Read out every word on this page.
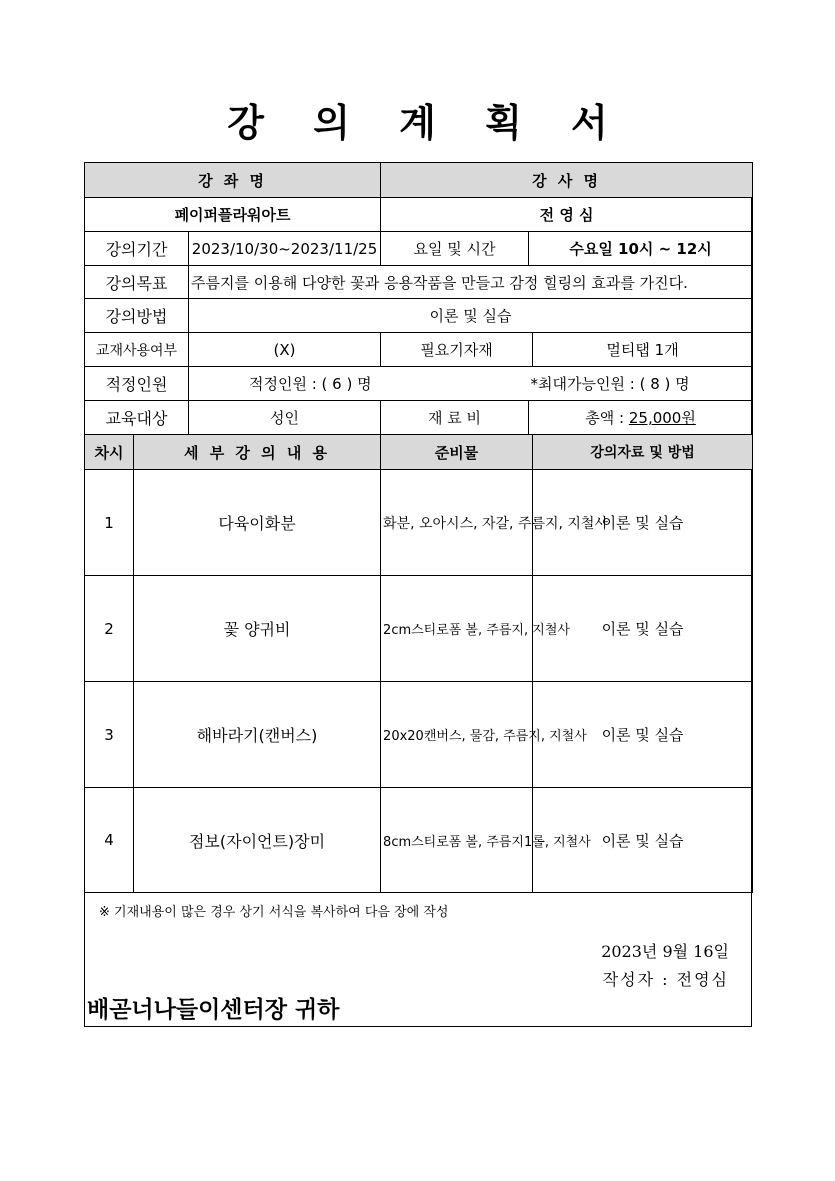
강 의 계 획 서
강 좌 명			강 사 명		
페이퍼플라워아트			전 영 심		
강의기간		2023/10/30~2023/11/25	요일 및 시간	수요일 10시 ~ 12시	
강의목표		주름지를 이용해 다양한 꽃과 응용작품을 만들고 감정 힐링의 효과를 가진다.			
강의방법		이론 및 실습			
교재사용여부		(X)	필요기자재		멀티탭 1개
적정인원		적정인원 : ( 6 ) 명		*최대가능인원 : ( 8 ) 명	
교육대상		성인	재 료 비	총액 : 25,000원	
차시	세 부 강 의 내 용		준비물		강의자료 및 방법
1	다육이화분		화분, 오아시스, 자갈, 주름지, 지철사		이론 및 실습
2	꽃 양귀비		2cm스티로폼 볼, 주름지, 지철사		이론 및 실습
3	해바라기(캔버스)		20x20캔버스, 물감, 주름지, 지철사		이론 및 실습
4	점보(자이언트)장미		8cm스티로폼 볼, 주름지1롤, 지철사		이론 및 실습
※ 기재내용이 많은 경우 상기 서식을 복사하여 다음 장에 작성
2023년 9월 16일
작성자 : 전영심
배곧너나들이센터장 귀하
